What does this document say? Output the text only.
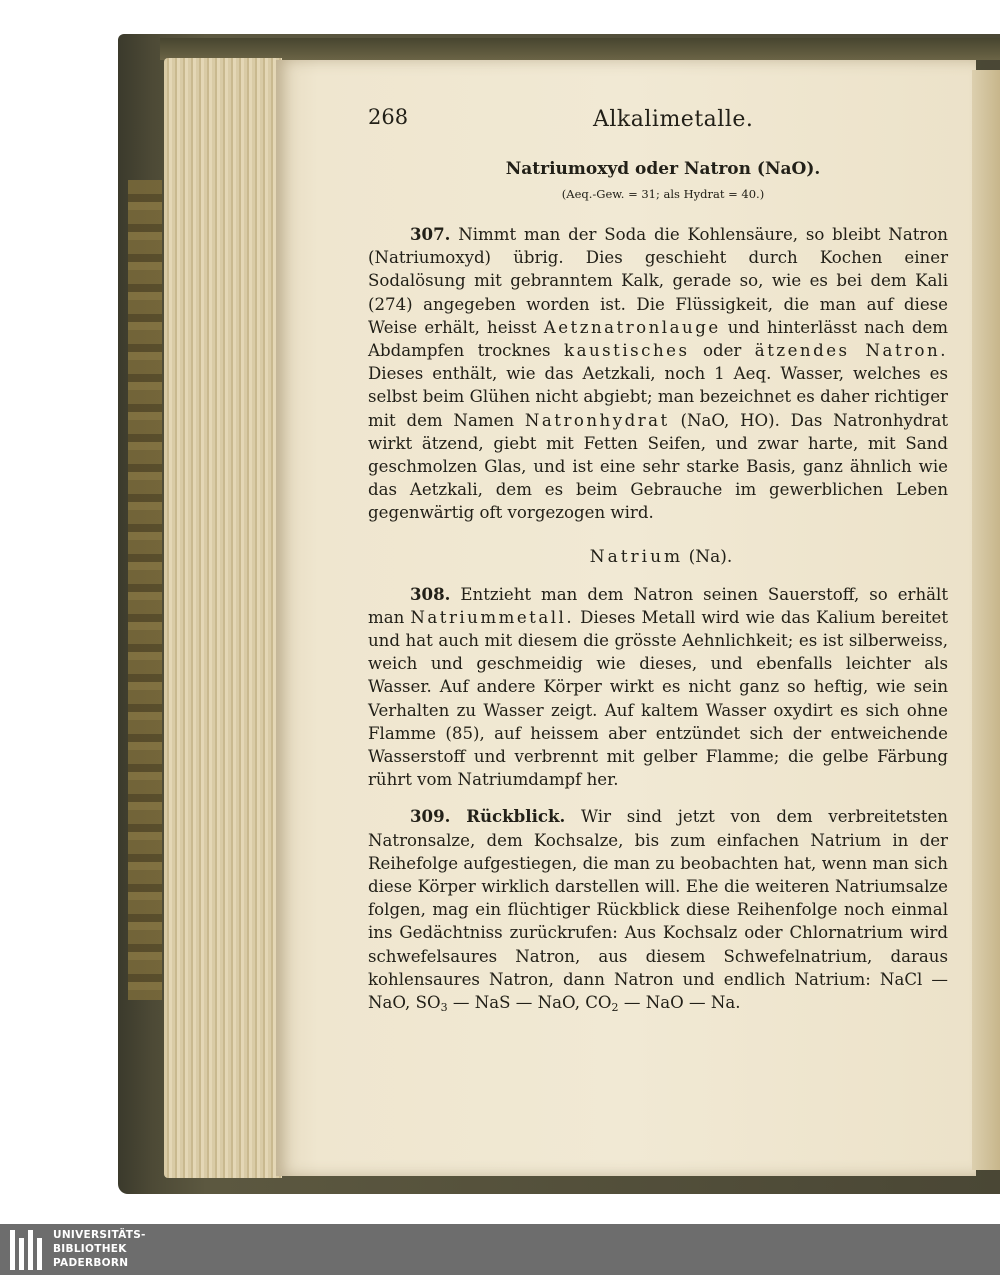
268	Alkalimetalle.
Natriumoxyd oder Natron (NaO).
(Aeq.-Gew. = 31; als Hydrat = 40.)

307. Nimmt man der Soda die Kohlensäure, so bleibt Natron (Natriumoxyd) übrig. Dies geschieht durch Kochen einer Sodalösung mit gebranntem Kalk, gerade so, wie es bei dem Kali (274) angegeben worden ist. Die Flüssigkeit, die man auf diese Weise erhält, heisst Aetznatronlauge und hinterlässt nach dem Abdampfen trocknes kaustisches oder ätzendes Natron. Dieses enthält, wie das Aetzkali, noch 1 Aeq. Wasser, welches es selbst beim Glühen nicht abgiebt; man bezeichnet es daher richtiger mit dem Namen Natronhydrat (NaO, HO). Das Natronhydrat wirkt ätzend, giebt mit Fetten Seifen, und zwar harte, mit Sand geschmolzen Glas, und ist eine sehr starke Basis, ganz ähnlich wie das Aetzkali, dem es beim Gebrauche im gewerblichen Leben gegenwärtig oft vorgezogen wird.

Natrium (Na).

308. Entzieht man dem Natron seinen Sauerstoff, so erhält man Natriummetall. Dieses Metall wird wie das Kalium bereitet und hat auch mit diesem die grösste Aehnlichkeit; es ist silberweiss, weich und geschmeidig wie dieses, und ebenfalls leichter als Wasser. Auf andere Körper wirkt es nicht ganz so heftig, wie sein Verhalten zu Wasser zeigt. Auf kaltem Wasser oxydirt es sich ohne Flamme (85), auf heissem aber entzündet sich der entweichende Wasserstoff und verbrennt mit gelber Flamme; die gelbe Färbung rührt vom Natriumdampf her.

309. Rückblick. Wir sind jetzt von dem verbreitetsten Natronsalze, dem Kochsalze, bis zum einfachen Natrium in der Reihefolge aufgestiegen, die man zu beobachten hat, wenn man sich diese Körper wirklich darstellen will. Ehe die weiteren Natriumsalze folgen, mag ein flüchtiger Rückblick diese Reihenfolge noch einmal ins Gedächtniss zurückrufen: Aus Kochsalz oder Chlornatrium wird schwefelsaures Natron, aus diesem Schwefelnatrium, daraus kohlensaures Natron, dann Natron und endlich Natrium: NaCl — NaO, $SO_3$ — NaS — NaO, $CO_2$ — NaO — Na.

UNIVERSITÄTS-
BIBLIOTHEK
PADERBORN
